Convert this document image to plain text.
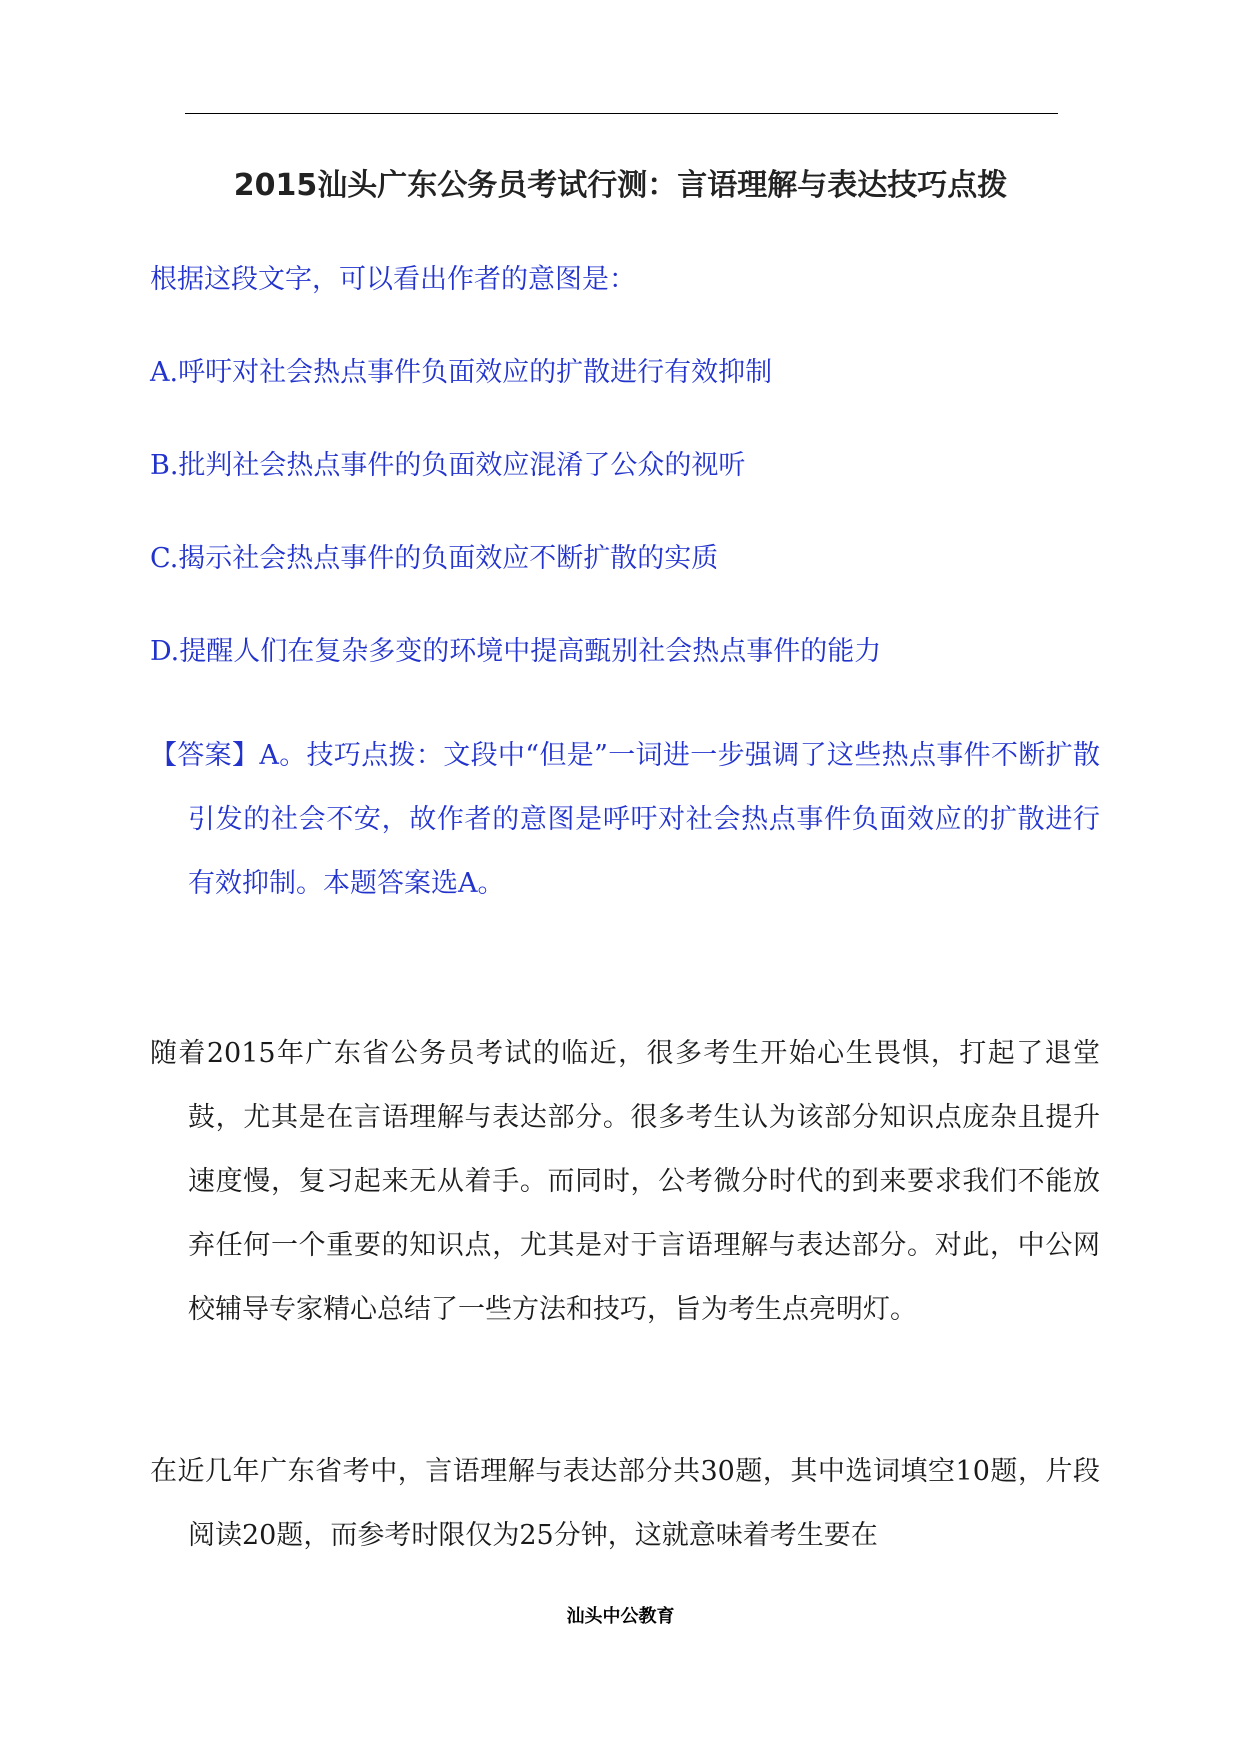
2015汕头广东公务员考试行测：言语理解与表达技巧点拨
根据这段文字，可以看出作者的意图是：
A.呼吁对社会热点事件负面效应的扩散进行有效抑制
B.批判社会热点事件的负面效应混淆了公众的视听
C.揭示社会热点事件的负面效应不断扩散的实质
D.提醒人们在复杂多变的环境中提高甄别社会热点事件的能力
【答案】A。技巧点拨：文段中“但是”一词进一步强调了这些热点事件不断扩散引发的社会不安，故作者的意图是呼吁对社会热点事件负面效应的扩散进行有效抑制。本题答案选A。
随着2015年广东省公务员考试的临近，很多考生开始心生畏惧，打起了退堂鼓，尤其是在言语理解与表达部分。很多考生认为该部分知识点庞杂且提升速度慢，复习起来无从着手。而同时，公考微分时代的到来要求我们不能放弃任何一个重要的知识点，尤其是对于言语理解与表达部分。对此，中公网校辅导专家精心总结了一些方法和技巧，旨为考生点亮明灯。
在近几年广东省考中，言语理解与表达部分共30题，其中选词填空10题，片段阅读20题，而参考时限仅为25分钟，这就意味着考生要在
汕头中公教育
